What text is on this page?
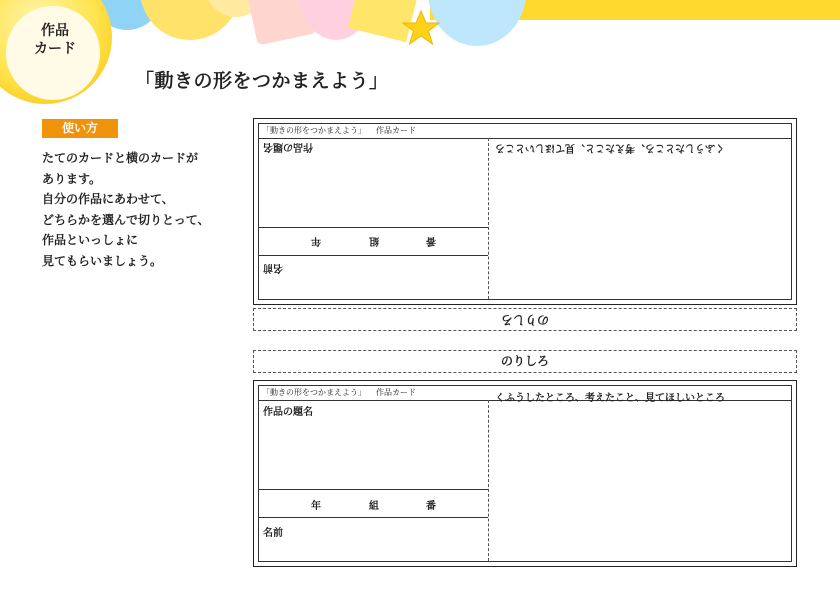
作品
カード
「動きの形をつかまえよう」
使い方
たてのカードと横のカードが
あります。
自分の作品にあわせて、
どちらかを選んで切りとって、
作品といっしょに
見てもらいましょう。
「動きの形をつかまえよう」 作品カード
作品の題名
年	組	番
名前
くふうしたところ、考えたこと、見てほしいところ
のりしろ
のりしろ
「動きの形をつかまえよう」 作品カード
作品の題名
年	組	番
名前
くふうしたところ、考えたこと、見てほしいところ
